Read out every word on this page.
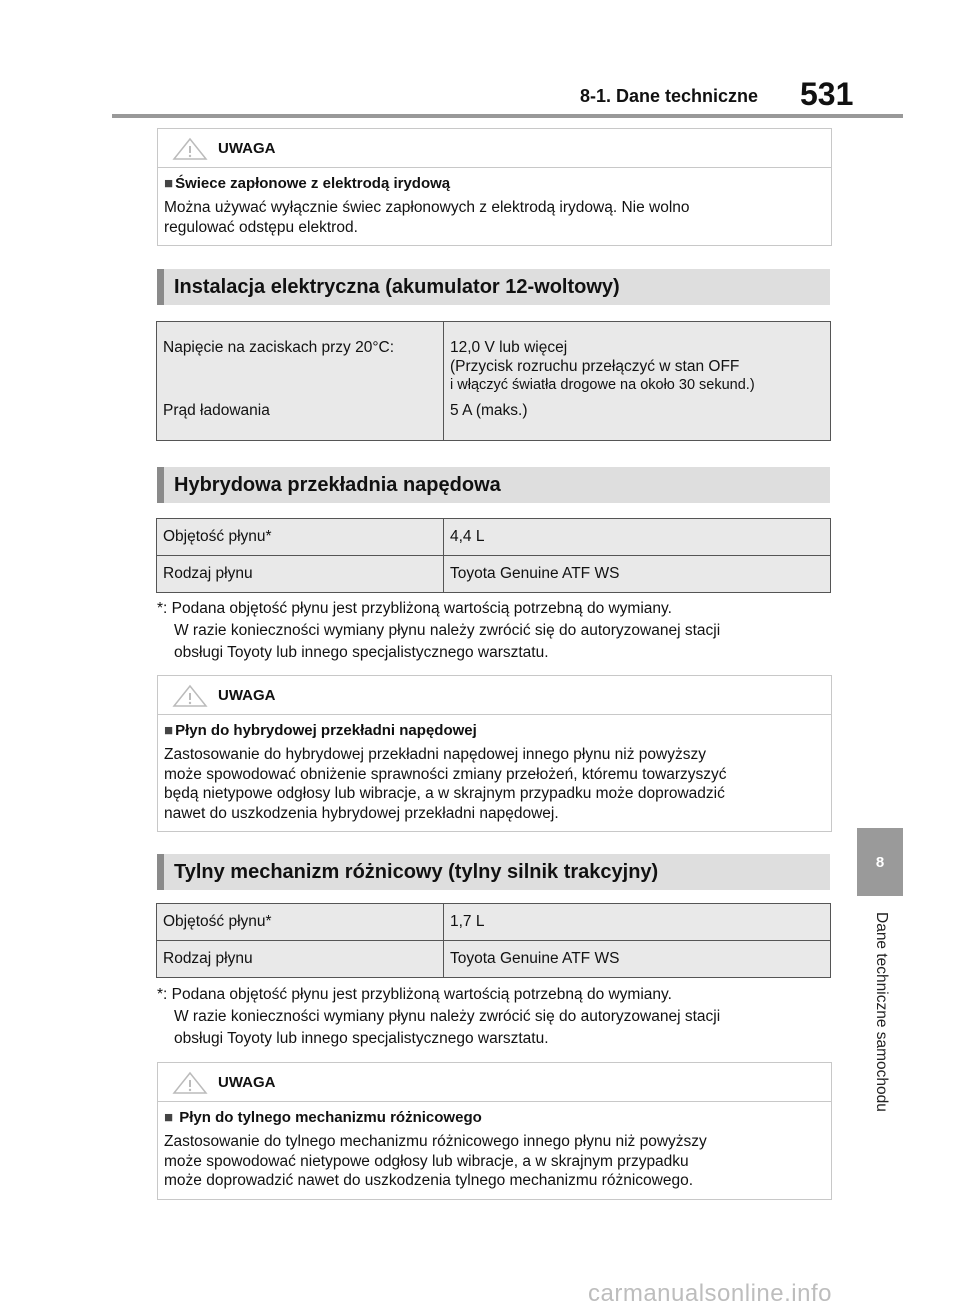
8-1. Dane techniczne 531
8
Dane techniczne samochodu
UWAGA
■ Świece zapłonowe z elektrodą irydową
Można używać wyłącznie świec zapłonowych z elektrodą irydową. Nie wolno
regulować odstępu elektrod.
Instalacja elektryczna (akumulator 12-woltowy)
Napięcie na zaciskach przy 20°C:	12,0 V lub więcej
(Przycisk rozruchu przełączyć w stan OFF
i włączyć światła drogowe na około 30 sekund.)

Prąd ładowania	5 A (maks.)
Hybrydowa przekładnia napędowa
Objętość płynu*	4,4 L
Rodzaj płynu	Toyota Genuine ATF WS
*: Podana objętość płynu jest przybliżoną wartością potrzebną do wymiany.
W razie konieczności wymiany płynu należy zwrócić się do autoryzowanej stacji
obsługi Toyoty lub innego specjalistycznego warsztatu.
UWAGA
■ Płyn do hybrydowej przekładni napędowej
Zastosowanie do hybrydowej przekładni napędowej innego płynu niż powyższy
może spowodować obniżenie sprawności zmiany przełożeń, któremu towarzyszyć
będą nietypowe odgłosy lub wibracje, a w skrajnym przypadku może doprowadzić
nawet do uszkodzenia hybrydowej przekładni napędowej.
Tylny mechanizm różnicowy (tylny silnik trakcyjny)
Objętość płynu*	1,7 L
Rodzaj płynu	Toyota Genuine ATF WS
*: Podana objętość płynu jest przybliżoną wartością potrzebną do wymiany.
W razie konieczności wymiany płynu należy zwrócić się do autoryzowanej stacji
obsługi Toyoty lub innego specjalistycznego warsztatu.
UWAGA
■ Płyn do tylnego mechanizmu różnicowego
Zastosowanie do tylnego mechanizmu różnicowego innego płynu niż powyższy
może spowodować nietypowe odgłosy lub wibracje, a w skrajnym przypadku
może doprowadzić nawet do uszkodzenia tylnego mechanizmu różnicowego.
carmanualsonline.info
